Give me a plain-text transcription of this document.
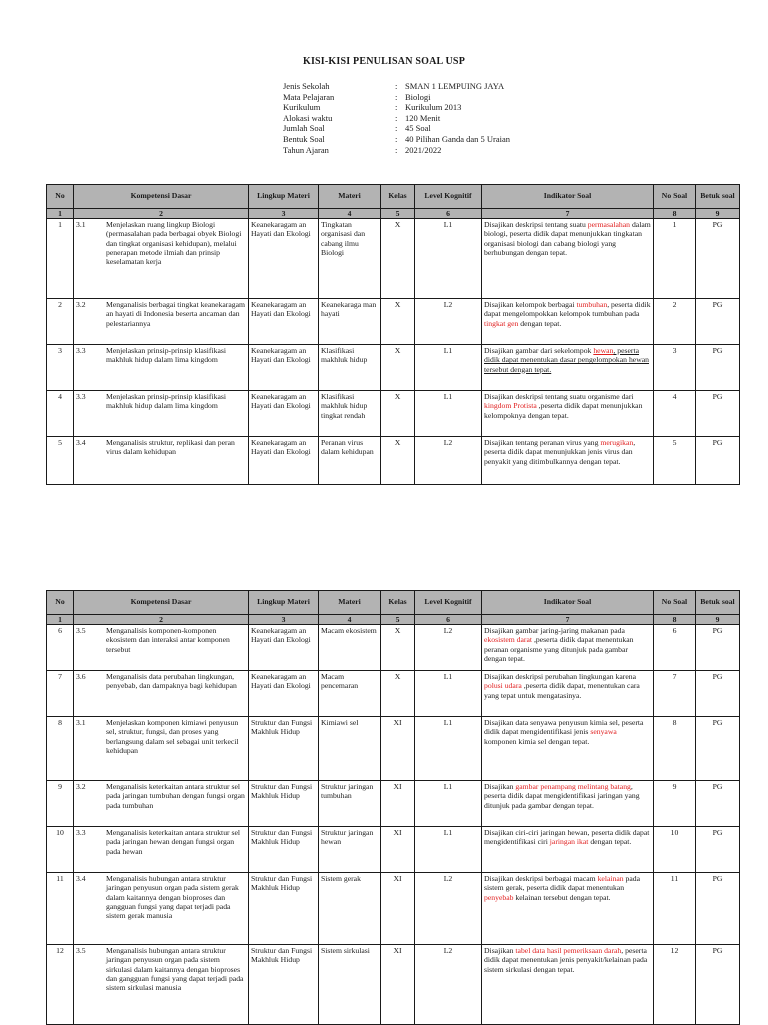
KISI-KISI PENULISAN SOAL USP
Jenis Sekolah	: SMAN 1 LEMPUING JAYA
Mata Pelajaran	: Biologi
Kurikulum	: Kurikulum 2013
Alokasi waktu	: 120 Menit
Jumlah Soal	: 45 Soal
Bentuk Soal	: 40 Pilihan Ganda dan 5 Uraian
Tahun Ajaran	: 2021/2022
No	Kompetensi Dasar	Lingkup Materi	Materi	Kelas	Level Kognitif	Indikator Soal	No Soal	Betuk soal
1	2	3	4	5	6	7	8	9
1	3.1 Menjelaskan ruang lingkup Biologi (permasalahan pada berbagai obyek Biologi dan tingkat organisasi kehidupan), melalui penerapan metode ilmiah dan prinsip keselamatan kerja	Keanekaragam an Hayati dan Ekologi	Tingkatan organisasi dan cabang ilmu Biologi	X	L1	Disajikan deskripsi tentang suatu permasalahan dalam biologi, peserta didik dapat menunjukkan tingkatan organisasi biologi dan cabang biologi yang berhubungan dengan tepat.	1	PG
2	3.2 Menganalisis berbagai tingkat keanekaragam an hayati di Indonesia beserta ancaman dan pelestariannya	Keanekaragam an Hayati dan Ekologi	Keanekaraga man hayati	X	L2	Disajikan kelompok berbagai tumbuhan, peserta didik dapat mengelompokkan kelompok tumbuhan pada tingkat gen dengan tepat.	2	PG
3	3.3 Menjelaskan prinsip-prinsip klasifikasi makhluk hidup dalam lima kingdom	Keanekaragam an Hayati dan Ekologi	Klasifikasi makhluk hidup	X	L1	Disajikan gambar dari sekelompok hewan, peserta didik dapat menentukan dasar pengelompokan hewan tersebut dengan tepat.	3	PG
4	3.3 Menjelaskan prinsip-prinsip klasifikasi makhluk hidup dalam lima kingdom	Keanekaragam an Hayati dan Ekologi	Klasifikasi makhluk hidup tingkat rendah	X	L1	Disajikan deskripsi tentang suatu organisme dari kingdom Protista ,peserta didik dapat menunjukkan kelompoknya dengan tepat.	4	PG
5	3.4 Menganalisis struktur, replikasi dan peran virus dalam kehidupan	Keanekaragam an Hayati dan Ekologi	Peranan virus dalam kehidupan	X	L2	Disajikan tentang peranan virus yang merugikan, peserta didik dapat menunjukkan jenis virus dan penyakit yang ditimbulkannya dengan tepat.	5	PG
No	Kompetensi Dasar	Lingkup Materi	Materi	Kelas	Level Kognitif	Indikator Soal	No Soal	Betuk soal
1	2	3	4	5	6	7	8	9
6	3.5 Menganalisis komponen-komponen ekosistem dan interaksi antar komponen tersebut	Keanekaragam an Hayati dan Ekologi	Macam ekosistem	X	L2	Disajikan gambar jaring-jaring makanan pada ekosistem darat ,peserta didik dapat menentukan peranan organisme yang ditunjuk pada gambar dengan tepat.	6	PG
7	3.6 Menganalisis data perubahan lingkungan, penyebab, dan dampaknya bagi kehidupan	Keanekaragam an Hayati dan Ekologi	Macam pencemaran	X	L1	Disajikan deskripsi perubahan lingkungan karena polusi udara ,peserta didik dapat, menentukan cara yang tepat untuk mengatasinya.	7	PG
8	3.1 Menjelaskan komponen kimiawi penyusun sel, struktur, fungsi, dan proses yang berlangsung dalam sel sebagai unit terkecil kehidupan	Struktur dan Fungsi Makhluk Hidup	Kimiawi sel	XI	L1	Disajikan data senyawa penyusun kimia sel, peserta didik dapat mengidentifikasi jenis senyawa komponen kimia sel dengan tepat.	8	PG
9	3.2 Menganalisis keterkaitan antara struktur sel pada jaringan tumbuhan dengan fungsi organ pada tumbuhan	Struktur dan Fungsi Makhluk Hidup	Struktur jaringan tumbuhan	XI	L1	Disajikan gambar penampang melintang batang, peserta didik dapat mengidentifikasi jaringan yang ditunjuk pada gambar dengan tepat.	9	PG
10	3.3 Menganalisis keterkaitan antara struktur sel pada jaringan hewan dengan fungsi organ pada hewan	Struktur dan Fungsi Makhluk Hidup	Struktur jaringan hewan	XI	L1	Disajikan ciri-ciri jaringan hewan, peserta didik dapat mengidentifikasi ciri jaringan ikat dengan tepat.	10	PG
11	3.4 Menganalisis hubungan antara struktur jaringan penyusun organ pada sistem gerak dalam kaitannya dengan bioproses dan gangguan fungsi yang dapat terjadi pada sistem gerak manusia	Struktur dan Fungsi Makhluk Hidup	Sistem gerak	XI	L2	Disajikan deskripsi berbagai macam kelainan pada sistem gerak, peserta didik dapat menentukan penyebab kelainan tersebut dengan tepat.	11	PG
12	3.5 Menganalisis hubungan antara struktur jaringan penyusun organ pada sistem sirkulasi dalam kaitannya dengan bioproses dan gangguan fungsi yang dapat terjadi pada sistem sirkulasi manusia	Struktur dan Fungsi Makhluk Hidup	Sistem sirkulasi	XI	L2	Disajikan tabel data hasil pemeriksaan darah, peserta didik dapat menentukan jenis penyakit/kelainan pada sistem sirkulasi dengan tepat.	12	PG
